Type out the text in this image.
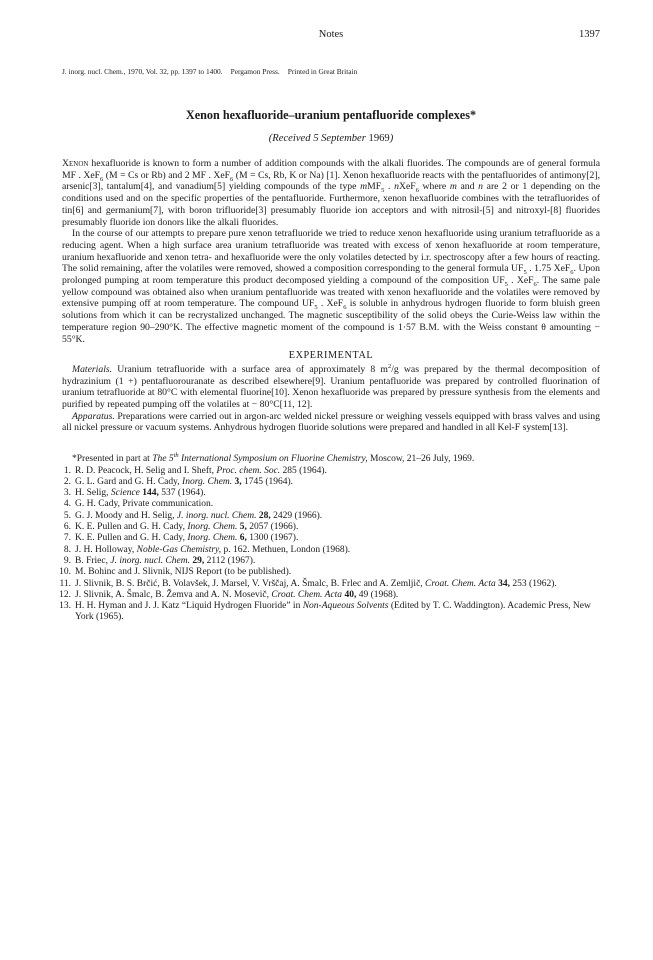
Notes	1397
J. inorg. nucl. Chem., 1970, Vol. 32, pp. 1397 to 1400. Pergamon Press. Printed in Great Britain
Xenon hexafluoride–uranium pentafluoride complexes*
(Received 5 September 1969)

Xenon hexafluoride is known to form a number of addition compounds with the alkali fluorides. The compounds are of general formula MF . XeF$_6$ (M = Cs or Rb) and 2 MF . XeF$_6$ (M = Cs, Rb, K or Na) [1]. Xenon hexafluoride reacts with the pentafluorides of antimony[2], arsenic[3], tantalum[4], and vanadium[5] yielding compounds of the type mMF$_5$ . nXeF$_6$ where m and n are 2 or 1 depending on the conditions used and on the specific properties of the pentafluoride. Furthermore, xenon hexafluoride combines with the tetrafluorides of tin[6] and germanium[7], with boron trifluoride[3] presumably fluoride ion acceptors and with nitrosil-[5] and nitroxyl-[8] fluorides presumably fluoride ion donors like the alkali fluorides.

In the course of our attempts to prepare pure xenon tetrafluoride we tried to reduce xenon hexafluoride using uranium tetrafluoride as a reducing agent. When a high surface area uranium tetrafluoride was treated with excess of xenon hexafluoride at room temperature, uranium hexafluoride and xenon tetra- and hexafluoride were the only volatiles detected by i.r. spectroscopy after a few hours of reacting. The solid remaining, after the volatiles were removed, showed a composition corresponding to the general formula $UF_5$ . 1.75 XeF$_6$. Upon prolonged pumping at room temperature this product decomposed yielding a compound of the composition $UF_5$ . XeF$_6$. The same pale yellow compound was obtained also when uranium pentafluoride was treated with xenon hexafluoride and the volatiles were removed by extensive pumping off at room temperature. The compound $UF_5$ . XeF$_6$ is soluble in anhydrous hydrogen fluoride to form bluish green solutions from which it can be recrystalized unchanged. The magnetic susceptibility of the solid obeys the Curie-Weiss law within the temperature region 90–290°K. The effective magnetic moment of the compound is 1·57 B.M. with the Weiss constant θ amounting − 55°K.

EXPERIMENTAL

Materials. Uranium tetrafluoride with a surface area of approximately 8 $m^2/g$ was prepared by the thermal decomposition of hydrazinium (1 +) pentafluorouranate as described elsewhere[9]. Uranium pentafluoride was prepared by controlled fluorination of uranium tetrafluoride at 80°C with elemental fluorine[10]. Xenon hexafluoride was prepared by pressure synthesis from the elements and purified by repeated pumping off the volatiles at − 80°C[11, 12].

Apparatus. Preparations were carried out in argon-arc welded nickel pressure or weighing vessels equipped with brass valves and using all nickel pressure or vacuum systems. Anhydrous hydrogen fluoride solutions were prepared and handled in all Kel-F system[13].

*Presented in part at The 5th International Symposium on Fluorine Chemistry, Moscow, 21–26 July, 1969.
1. R. D. Peacock, H. Selig and I. Sheft, Proc. chem. Soc. 285 (1964).
2. G. L. Gard and G. H. Cady, Inorg. Chem. 3, 1745 (1964).
3. H. Selig, Science 144, 537 (1964).
4. G. H. Cady, Private communication.
5. G. J. Moody and H. Selig, J. inorg. nucl. Chem. 28, 2429 (1966).
6. K. E. Pullen and G. H. Cady, Inorg. Chem. 5, 2057 (1966).
7. K. E. Pullen and G. H. Cady, Inorg. Chem. 6, 1300 (1967).
8. J. H. Holloway, Noble-Gas Chemistry, p. 162. Methuen, London (1968).
9. B. Friec, J. inorg. nucl. Chem. 29, 2112 (1967).
10. M. Bohinc and J. Slivnik, NIJS Report (to be published).
11. J. Slivnik, B. S. Brčić, B. Volavšek, J. Marsel, V. Vrščaj, A. Šmalc, B. Frlec and A. Zemljič, Croat. Chem. Acta 34, 253 (1962).
12. J. Slivnik, A. Šmalc, B. Žemva and A. N. Mosevič, Croat. Chem. Acta 40, 49 (1968).
13. H. H. Hyman and J. J. Katz “Liquid Hydrogen Fluoride” in Non-Aqueous Solvents (Edited by T. C. Waddington). Academic Press, New York (1965).
